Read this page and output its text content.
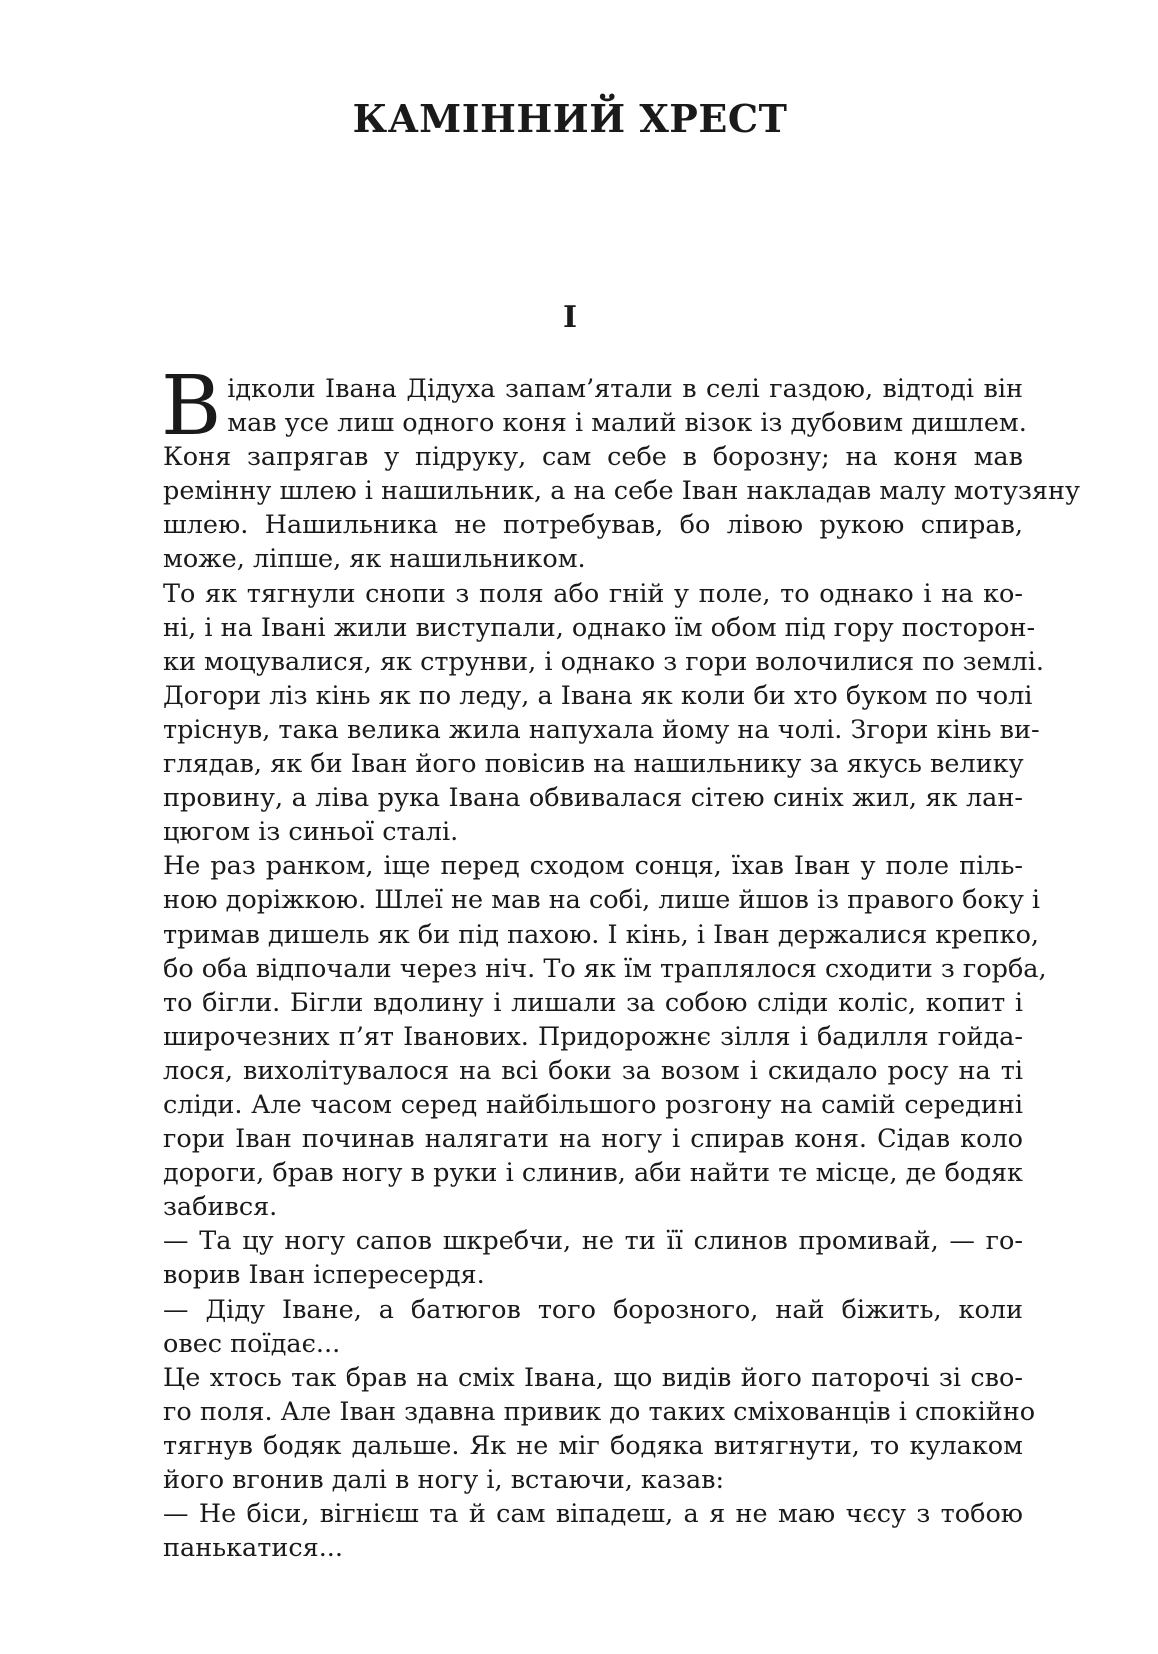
КАМІННИЙ ХРЕСТ
I

В ідколи Івана Дідуха запам’ятали в селі газдою, відтоді він
мав усе лиш одного коня і малий візок із дубовим дишлем.
Коня запрягав у підруку, сам себе в борозну; на коня мав
ремінну шлею і нашильник, а на себе Іван накладав малу мотузяну
шлею. Нашильника не потребував, бо лівою рукою спирав,
може, ліпше, як нашильником.

То як тягнули снопи з поля або гній у поле, то однако і на ко-
ні, і на Івані жили виступали, однако їм обом під гору посторон-
ки моцувалися, як струнви, і однако з гори волочилися по землі.
Догори ліз кінь як по леду, а Івана як коли би хто буком по чолі
тріснув, така велика жила напухала йому на чолі. Згори кінь ви-
глядав, як би Іван його повісив на нашильнику за якусь велику
провину, а ліва рука Івана обвивалася сітею синіх жил, як лан-
цюгом із синьої сталі.

Не раз ранком, іще перед сходом сонця, їхав Іван у поле піль-
ною доріжкою. Шлеї не мав на собі, лише йшов із правого боку і
тримав дишель як би під пахою. І кінь, і Іван держалися крепко,
бо оба відпочали через ніч. То як їм траплялося сходити з горба,
то бігли. Бігли вдолину і лишали за собою сліди коліс, копит і
широчезних п’ят Іванових. Придорожнє зілля і бадилля гойда-
лося, вихолітувалося на всі боки за возом і скидало росу на ті
сліди. Але часом серед найбільшого розгону на самій середині
гори Іван починав налягати на ногу і спирав коня. Сідав коло
дороги, брав ногу в руки і слинив, аби найти те місце, де бодяк
забився.

— Та цу ногу сапов шкребчи, не ти її слинов промивай, — го-
ворив Іван іспересердя.

— Діду Іване, а батюгов того борозного, най біжить, коли
овес поїдає...

Це хтось так брав на сміх Івана, що видів його паторочі зі сво-
го поля. Але Іван здавна привик до таких сміхованців і спокійно
тягнув бодяк дальше. Як не міг бодяка витягнути, то кулаком
його вгонив далі в ногу і, встаючи, казав:

— Не біси, вігнієш та й сам віпадеш, а я не маю чєсу з тобою
панькатися...
